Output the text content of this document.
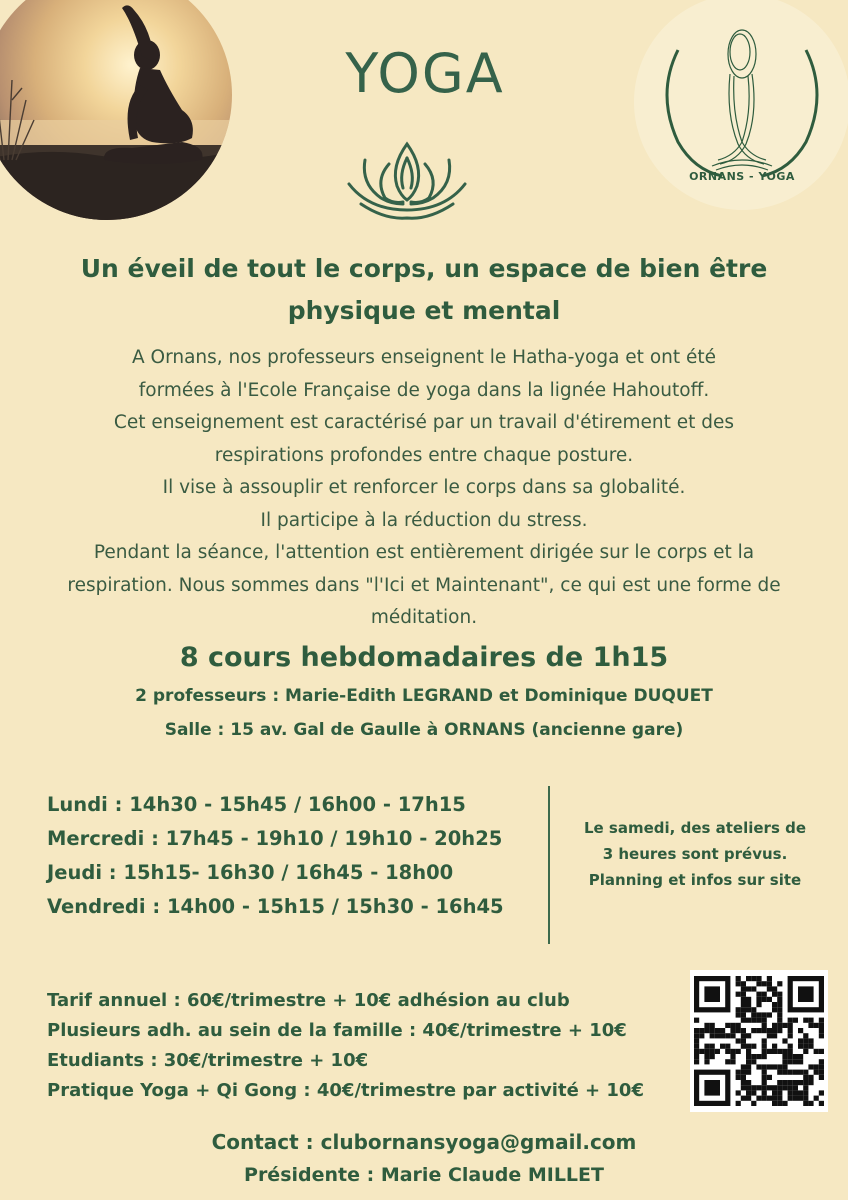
ORNANS - YOGA
YOGA
Un éveil de tout le corps, un espace de bien être
physique et mental
A Ornans, nos professeurs enseignent le Hatha-yoga et ont été
formées à l'Ecole Française de yoga dans la lignée Hahoutoff.
Cet enseignement est caractérisé par un travail d'étirement et des
respirations profondes entre chaque posture.
Il vise à assouplir et renforcer le corps dans sa globalité.
Il participe à la réduction du stress.
Pendant la séance, l'attention est entièrement dirigée sur le corps et la
respiration. Nous sommes dans "l'Ici et Maintenant", ce qui est une forme de
méditation.
8 cours hebdomadaires de 1h15
2 professeurs : Marie-Edith LEGRAND et Dominique DUQUET
Salle : 15 av. Gal de Gaulle à ORNANS (ancienne gare)
Lundi : 14h30 - 15h45 / 16h00 - 17h15
Mercredi : 17h45 - 19h10 / 19h10 - 20h25
Jeudi : 15h15- 16h30 / 16h45 - 18h00
Vendredi : 14h00 - 15h15 / 15h30 - 16h45
Le samedi, des ateliers de
3 heures sont prévus.
Planning et infos sur site
Tarif annuel : 60€/trimestre + 10€ adhésion au club
Plusieurs adh. au sein de la famille : 40€/trimestre + 10€
Etudiants : 30€/trimestre + 10€
Pratique Yoga + Qi Gong : 40€/trimestre par activité + 10€
Contact : clubornansyoga@gmail.com
Présidente : Marie Claude MILLET
